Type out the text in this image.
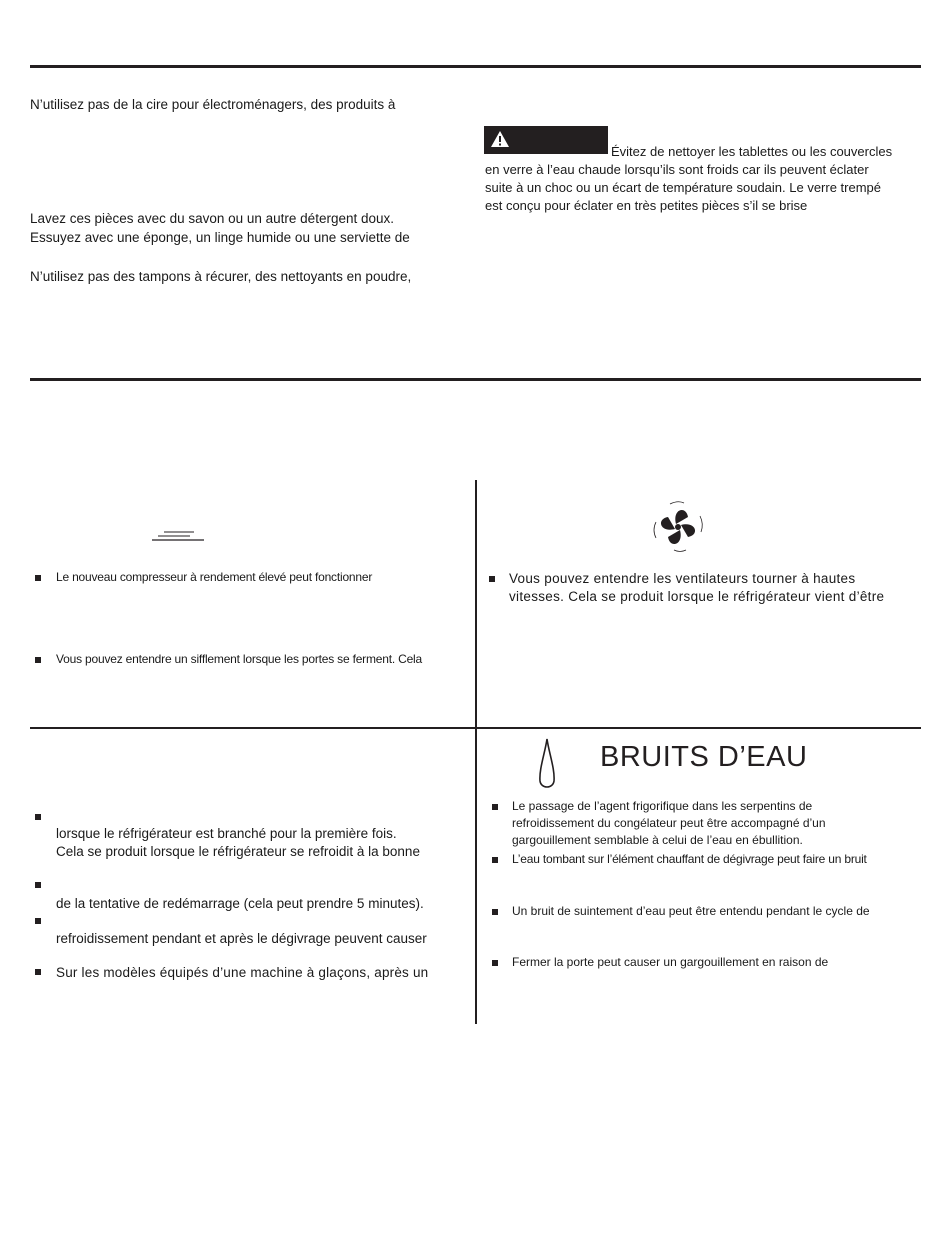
N’utilisez pas de la cire pour électroménagers, des produits à
Lavez ces pièces avec du savon ou un autre détergent doux.
Essuyez avec une éponge, un linge humide ou une serviette de
N’utilisez pas des tampons à récurer, des nettoyants en poudre,
Évitez de nettoyer les tablettes ou les couvercles
en verre à l’eau chaude lorsqu’ils sont froids car ils peuvent éclater
suite à un choc ou un écart de température soudain. Le verre trempé
est conçu pour éclater en très petites pièces s’il se brise
Le nouveau compresseur à rendement élevé peut fonctionner
Vous pouvez entendre un sifflement lorsque les portes se ferment. Cela
Vous pouvez entendre les ventilateurs tourner à hautes
vitesses. Cela se produit lorsque le réfrigérateur vient d’être
lorsque le réfrigérateur est branché pour la première fois.
Cela se produit lorsque le réfrigérateur se refroidit à la bonne
de la tentative de redémarrage (cela peut prendre 5 minutes).
refroidissement pendant et après le dégivrage peuvent causer
Sur les modèles équipés d’une machine à glaçons, après un
BRUITS D’EAU
Le passage de l’agent frigorifique dans les serpentins de
refroidissement du congélateur peut être accompagné d’un
gargouillement semblable à celui de l’eau en ébullition.
L’eau tombant sur l’élément chauffant de dégivrage peut faire un bruit
Un bruit de suintement d’eau peut être entendu pendant le cycle de
Fermer la porte peut causer un gargouillement en raison de
